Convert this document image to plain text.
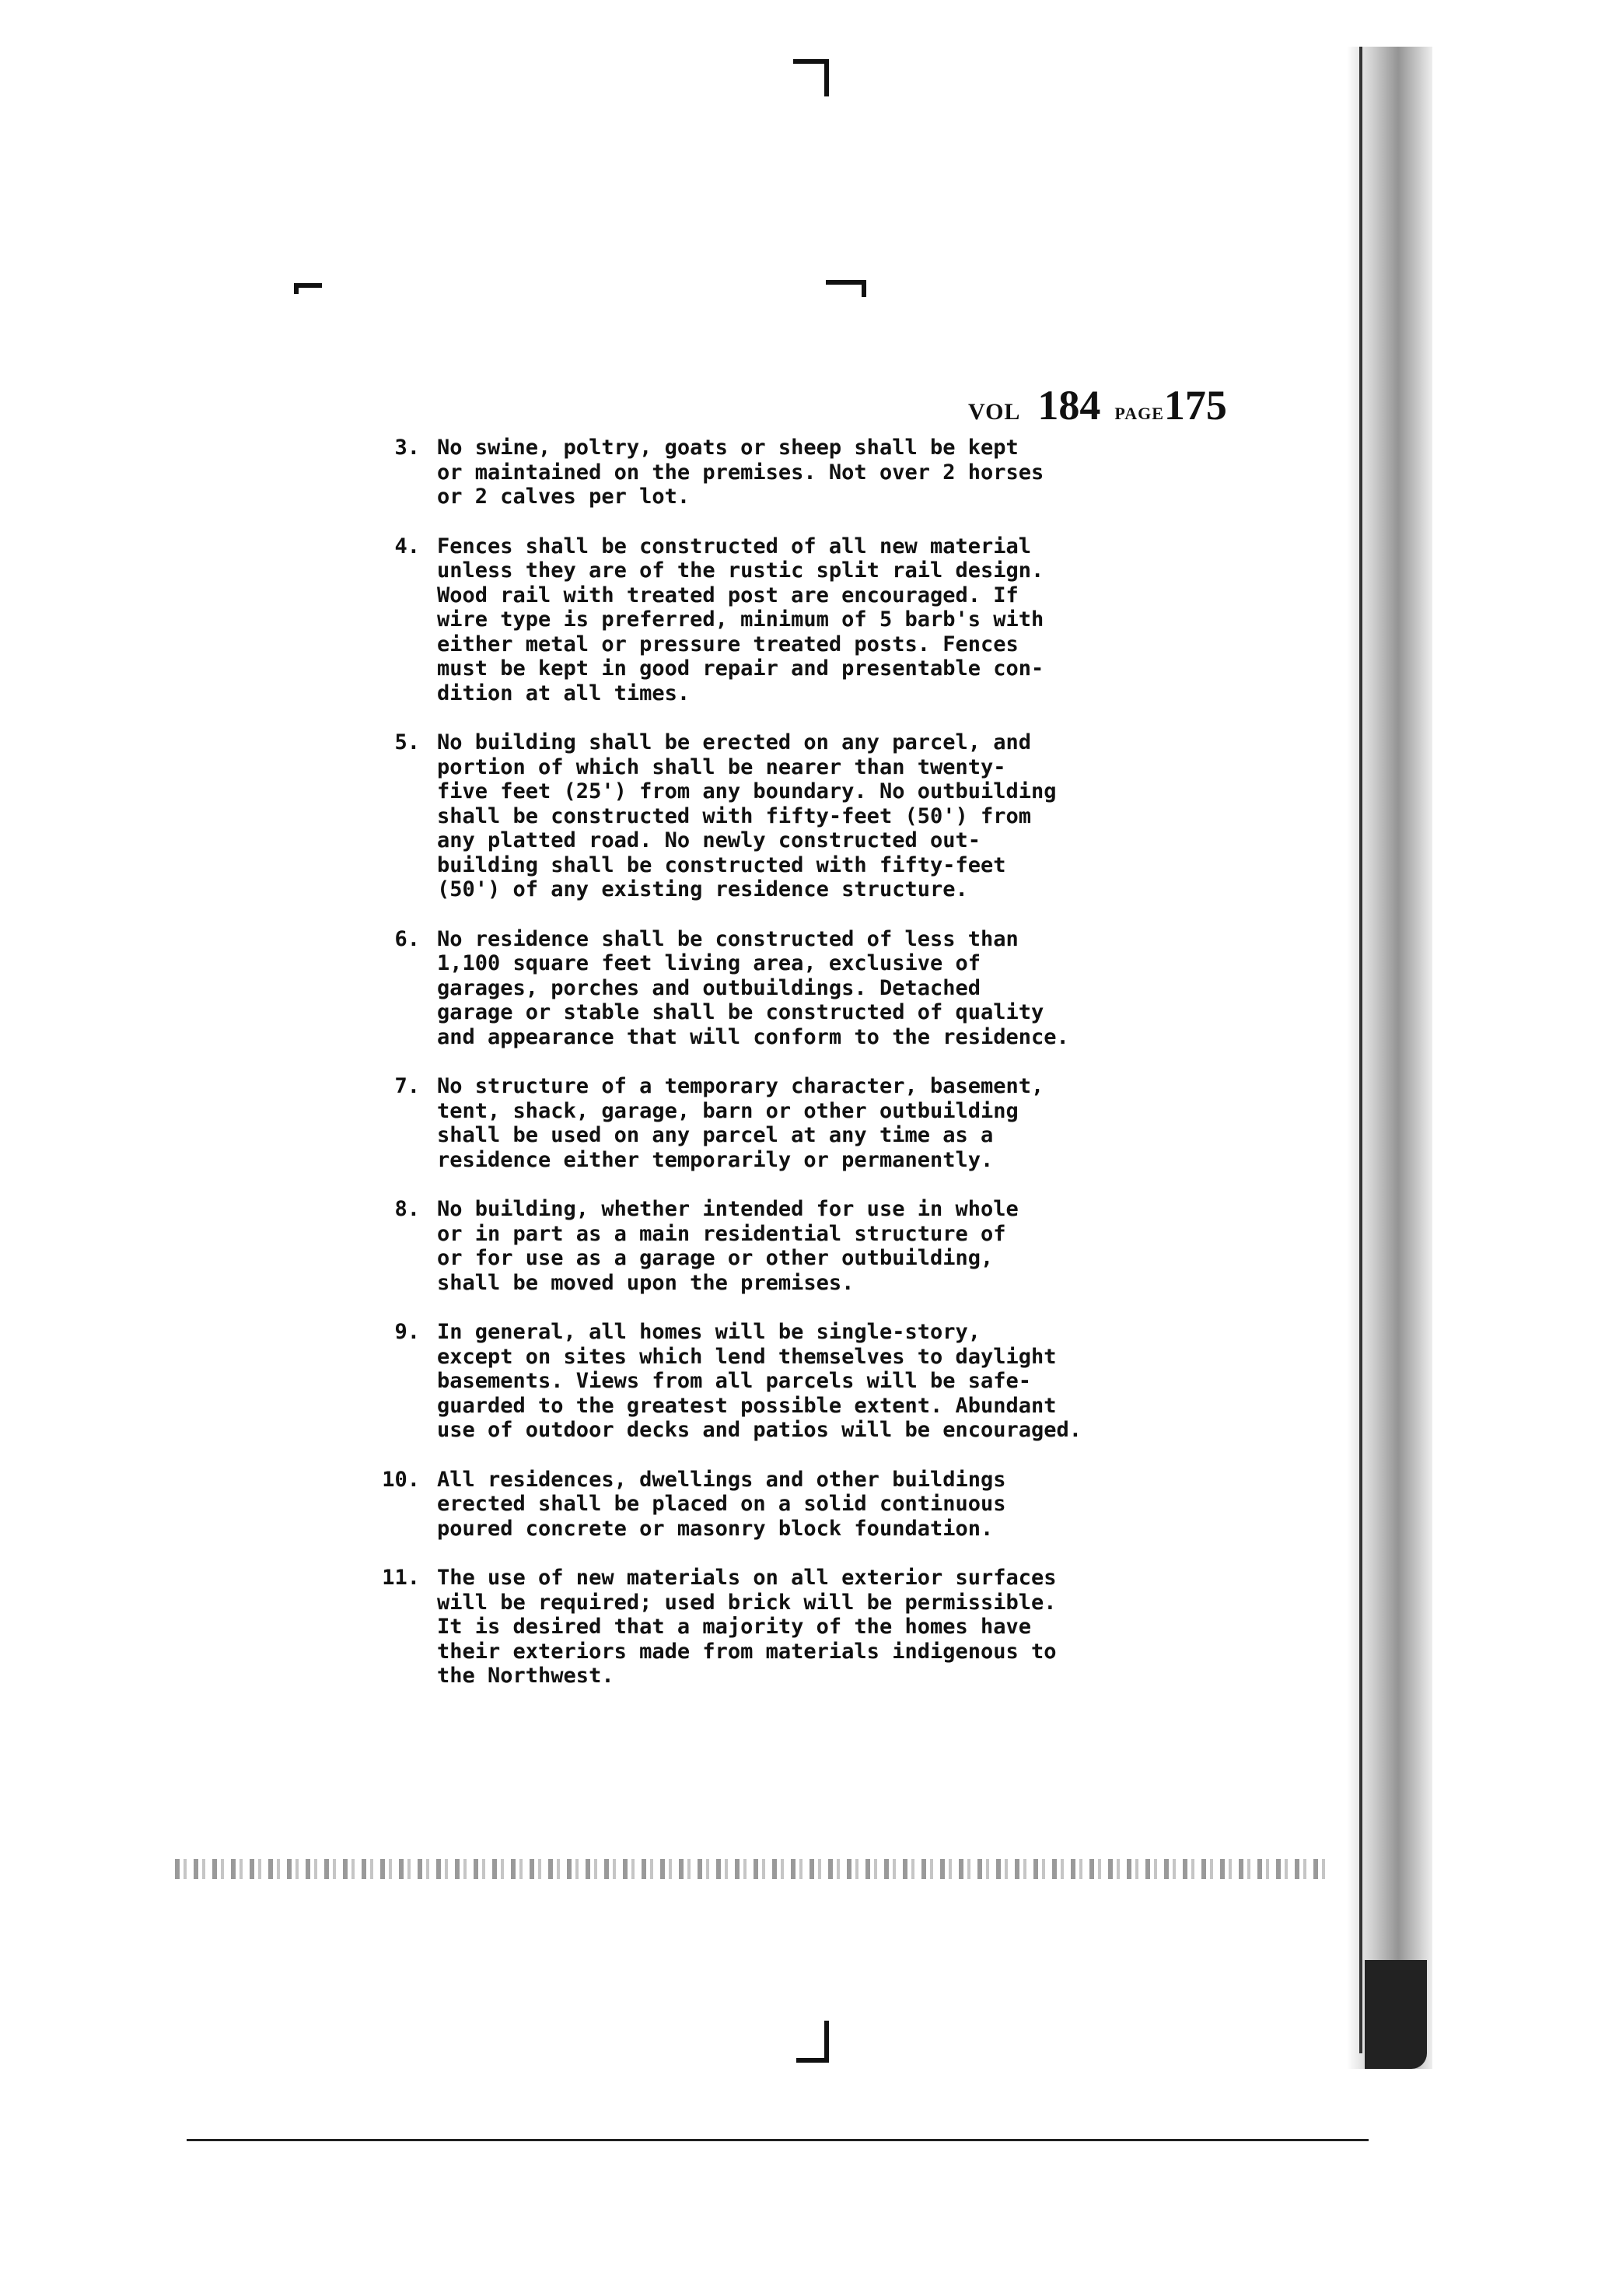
VOL 184 PAGE175
3. No swine, poltry, goats or sheep shall be kept
or maintained on the premises. Not over 2 horses
or 2 calves per lot.
4. Fences shall be constructed of all new material
unless they are of the rustic split rail design.
Wood rail with treated post are encouraged. If
wire type is preferred, minimum of 5 barb's with
either metal or pressure treated posts. Fences
must be kept in good repair and presentable con-
dition at all times.
5. No building shall be erected on any parcel, and
portion of which shall be nearer than twenty-
five feet (25') from any boundary. No outbuilding
shall be constructed with fifty-feet (50') from
any platted road. No newly constructed out-
building shall be constructed with fifty-feet
(50') of any existing residence structure.
6. No residence shall be constructed of less than
1,100 square feet living area, exclusive of
garages, porches and outbuildings. Detached
garage or stable shall be constructed of quality
and appearance that will conform to the residence.
7. No structure of a temporary character, basement,
tent, shack, garage, barn or other outbuilding
shall be used on any parcel at any time as a
residence either temporarily or permanently.
8. No building, whether intended for use in whole
or in part as a main residential structure of
or for use as a garage or other outbuilding,
shall be moved upon the premises.
9. In general, all homes will be single-story,
except on sites which lend themselves to daylight
basements. Views from all parcels will be safe-
guarded to the greatest possible extent. Abundant
use of outdoor decks and patios will be encouraged.
10. All residences, dwellings and other buildings
erected shall be placed on a solid continuous
poured concrete or masonry block foundation.
11. The use of new materials on all exterior surfaces
will be required; used brick will be permissible.
It is desired that a majority of the homes have
their exteriors made from materials indigenous to
the Northwest.
